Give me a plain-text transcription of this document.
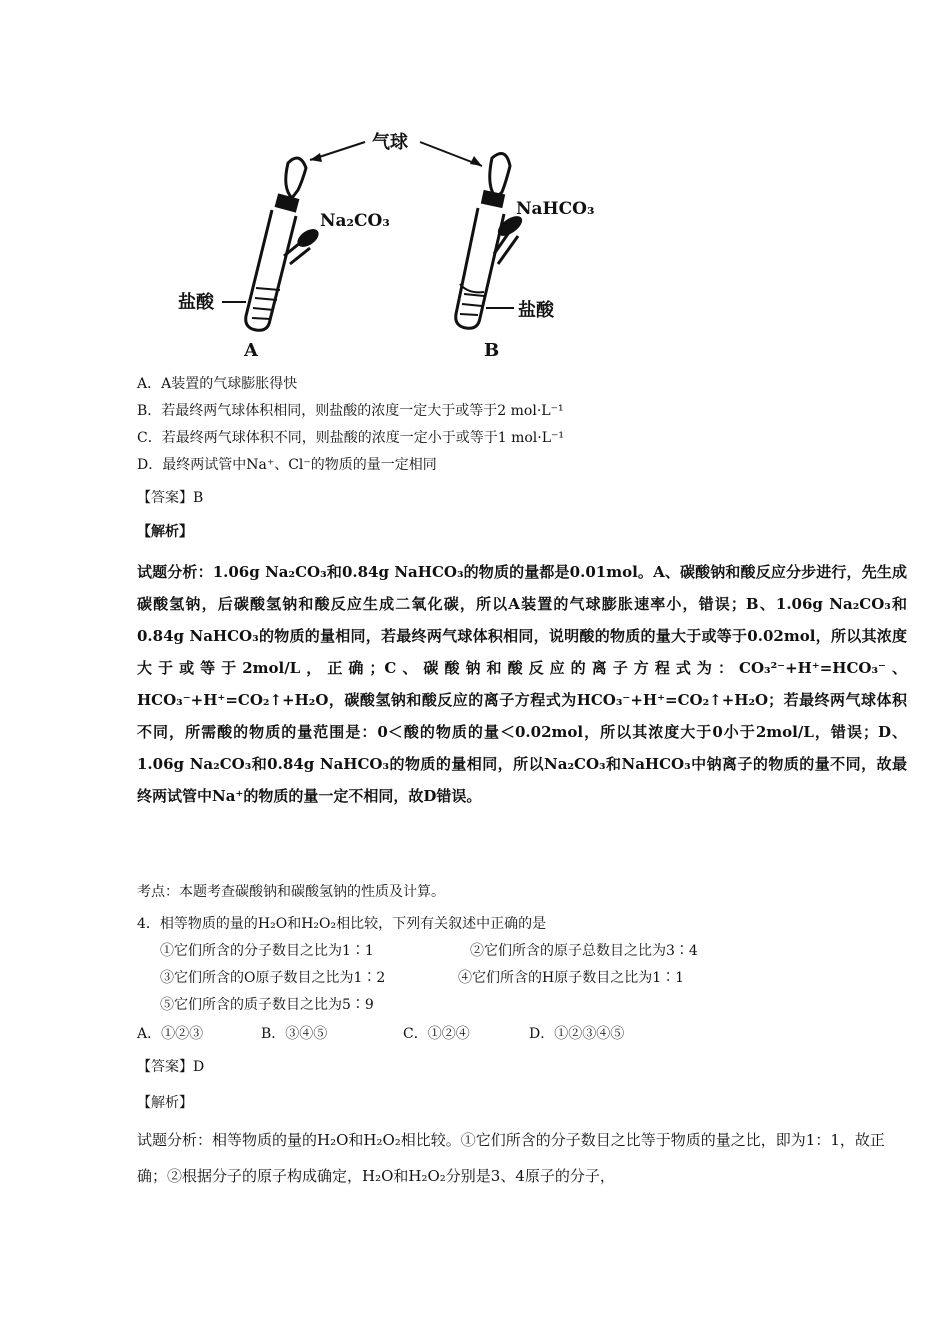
气球
Na₂CO₃
盐酸
A
NaHCO₃
盐酸
B
A．A装置的气球膨胀得快
B．若最终两气球体积相同，则盐酸的浓度一定大于或等于2 mol·L⁻¹
C．若最终两气球体积不同，则盐酸的浓度一定小于或等于1 mol·L⁻¹
D．最终两试管中Na⁺、Cl⁻的物质的量一定相同
【答案】B
【解析】
试题分析：1.06g Na₂CO₃和0.84g NaHCO₃的物质的量都是0.01mol。A、碳酸钠和酸反应分步进行，先生成碳酸氢钠，后碳酸氢钠和酸反应生成二氧化碳，所以A装置的气球膨胀速率小，错误；B、1.06g Na₂CO₃和0.84g NaHCO₃的物质的量相同，若最终两气球体积相同，说明酸的物质的量大于或等于0.02mol，所以其浓度大于或等于2mol/L，正确；C、碳酸钠和酸反应的离子方程式为：CO₃²⁻+H⁺=HCO₃⁻、HCO₃⁻+H⁺=CO₂↑+H₂O，碳酸氢钠和酸反应的离子方程式为HCO₃⁻+H⁺=CO₂↑+H₂O；若最终两气球体积不同，所需酸的物质的量范围是：0＜酸的物质的量＜0.02mol，所以其浓度大于0小于2mol/L，错误；D、1.06g Na₂CO₃和0.84g NaHCO₃的物质的量相同，所以Na₂CO₃和NaHCO₃中钠离子的物质的量不同，故最终两试管中Na⁺的物质的量一定不相同，故D错误。
考点：本题考查碳酸钠和碳酸氢钠的性质及计算。
4．相等物质的量的H₂O和H₂O₂相比较，下列有关叙述中正确的是
①它们所含的分子数目之比为1∶1	②它们所含的原子总数目之比为3∶4
③它们所含的O原子数目之比为1∶2	④它们所含的H原子数目之比为1∶1
⑤它们所含的质子数目之比为5∶9
A．①②③	B．③④⑤	C．①②④	D．①②③④⑤
【答案】D
【解析】
试题分析：相等物质的量的H₂O和H₂O₂相比较。①它们所含的分子数目之比等于物质的量之比，即为1：1，故正确；②根据分子的原子构成确定，H₂O和H₂O₂分别是3、4原子的分子，
